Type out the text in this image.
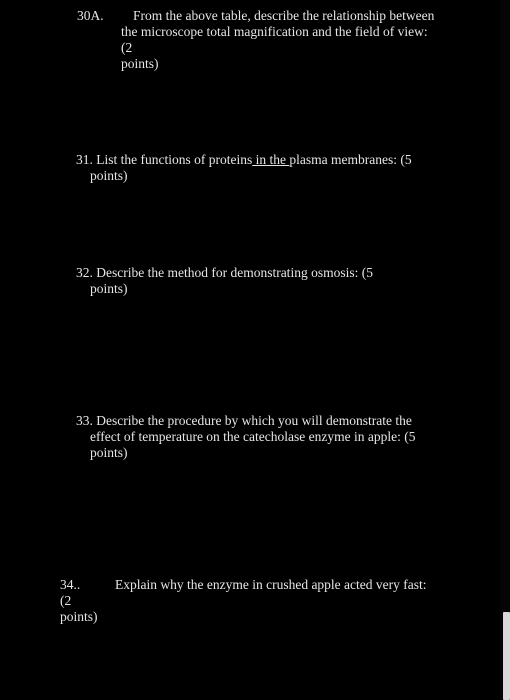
30A.	From the above table, describe the relationship between
the microscope total magnification and the field of view:
(2
points)
31. List the functions of proteins in the plasma membranes: (5
points)
32. Describe the method for demonstrating osmosis: (5
points)
33. Describe the procedure by which you will demonstrate the
effect of temperature on the catecholase enzyme in apple: (5
points)
34..
(2
points)
Explain why the enzyme in crushed apple acted very fast:
